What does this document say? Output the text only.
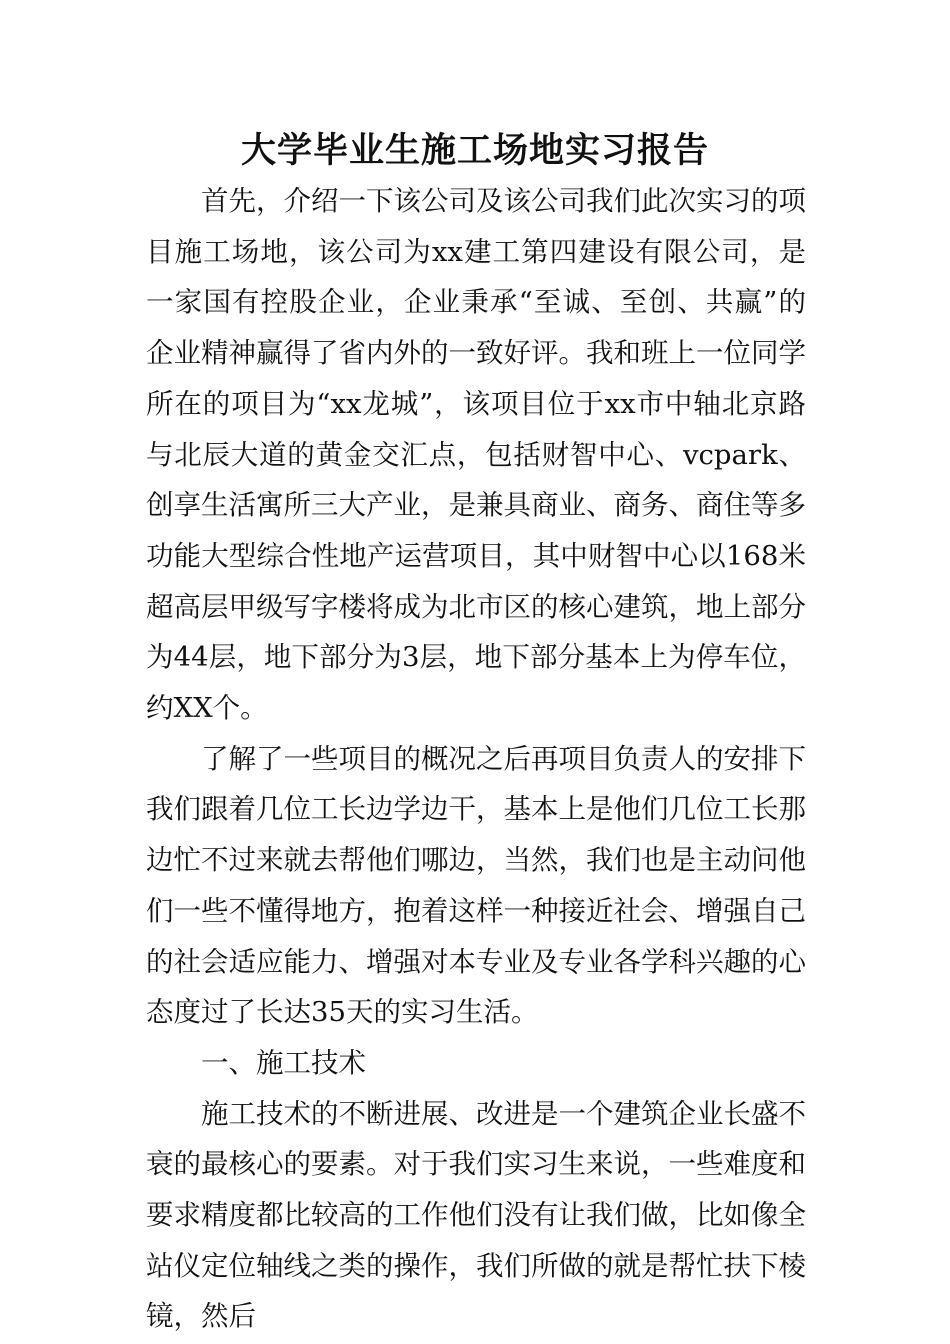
大学毕业生施工场地实习报告

首先，介绍一下该公司及该公司我们此次实习的项目施工场地，该公司为xx建工第四建设有限公司，是一家国有控股企业，企业秉承“至诚、至创、共赢”的企业精神赢得了省内外的一致好评。我和班上一位同学所在的项目为“xx龙城”，该项目位于xx市中轴北京路与北辰大道的黄金交汇点，包括财智中心、vcpark、创享生活寓所三大产业，是兼具商业、商务、商住等多功能大型综合性地产运营项目，其中财智中心以168米超高层甲级写字楼将成为北市区的核心建筑，地上部分为44层，地下部分为3层，地下部分基本上为停车位，约XX个。

了解了一些项目的概况之后再项目负责人的安排下我们跟着几位工长边学边干，基本上是他们几位工长那边忙不过来就去帮他们哪边，当然，我们也是主动问他们一些不懂得地方，抱着这样一种接近社会、增强自己的社会适应能力、增强对本专业及专业各学科兴趣的心态度过了长达35天的实习生活。

一、施工技术

施工技术的不断进展、改进是一个建筑企业长盛不衰的最核心的要素。对于我们实习生来说，一些难度和要求精度都比较高的工作他们没有让我们做，比如像全站仪定位轴线之类的操作，我们所做的就是帮忙扶下棱镜，然后
